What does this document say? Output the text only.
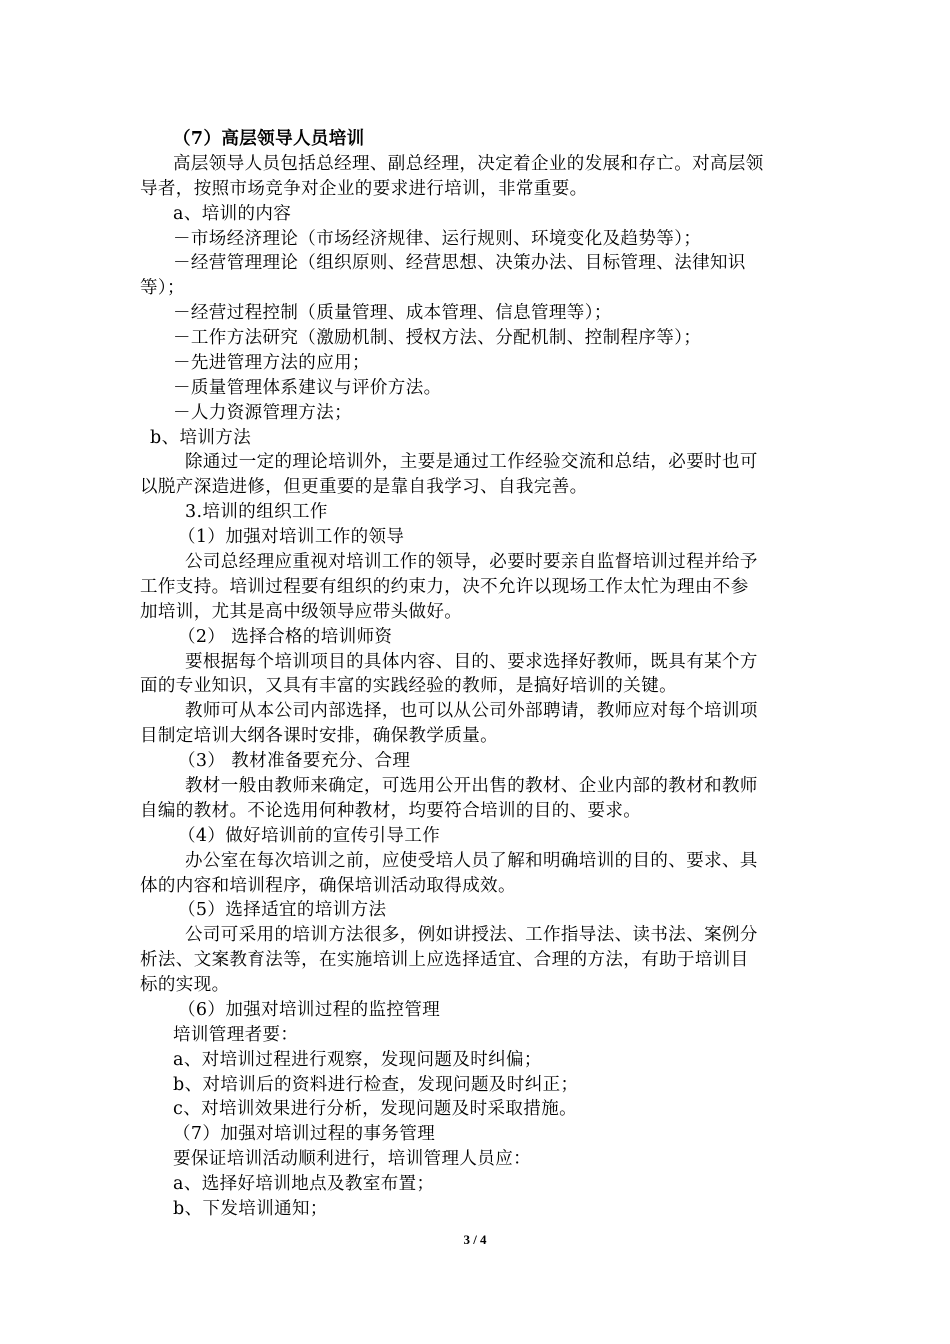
（7）高层领导人员培训
高层领导人员包括总经理、副总经理，决定着企业的发展和存亡。对高层领
导者，按照市场竞争对企业的要求进行培训，非常重要。
a、培训的内容
－市场经济理论（市场经济规律、运行规则、环境变化及趋势等）；
－经营管理理论（组织原则、经营思想、决策办法、目标管理、法律知识
等）；
－经营过程控制（质量管理、成本管理、信息管理等）；
－工作方法研究（激励机制、授权方法、分配机制、控制程序等）；
－先进管理方法的应用；
－质量管理体系建议与评价方法。
－人力资源管理方法；
b、培训方法
除通过一定的理论培训外，主要是通过工作经验交流和总结，必要时也可
以脱产深造进修，但更重要的是靠自我学习、自我完善。
3.培训的组织工作
（1）加强对培训工作的领导
公司总经理应重视对培训工作的领导，必要时要亲自监督培训过程并给予
工作支持。培训过程要有组织的约束力，决不允许以现场工作太忙为理由不参
加培训，尤其是高中级领导应带头做好。
（2） 选择合格的培训师资
要根据每个培训项目的具体内容、目的、要求选择好教师，既具有某个方
面的专业知识，又具有丰富的实践经验的教师，是搞好培训的关键。
教师可从本公司内部选择，也可以从公司外部聘请，教师应对每个培训项
目制定培训大纲各课时安排，确保教学质量。
（3） 教材准备要充分、合理
教材一般由教师来确定，可选用公开出售的教材、企业内部的教材和教师
自编的教材。不论选用何种教材，均要符合培训的目的、要求。
（4）做好培训前的宣传引导工作
办公室在每次培训之前，应使受培人员了解和明确培训的目的、要求、具
体的内容和培训程序，确保培训活动取得成效。
（5）选择适宜的培训方法
公司可采用的培训方法很多，例如讲授法、工作指导法、读书法、案例分
析法、文案教育法等，在实施培训上应选择适宜、合理的方法，有助于培训目
标的实现。
（6）加强对培训过程的监控管理
培训管理者要：
a、对培训过程进行观察，发现问题及时纠偏；
b、对培训后的资料进行检查，发现问题及时纠正；
c、对培训效果进行分析，发现问题及时采取措施。
（7）加强对培训过程的事务管理
要保证培训活动顺利进行，培训管理人员应：
a、选择好培训地点及教室布置；
b、下发培训通知；
3 / 4
